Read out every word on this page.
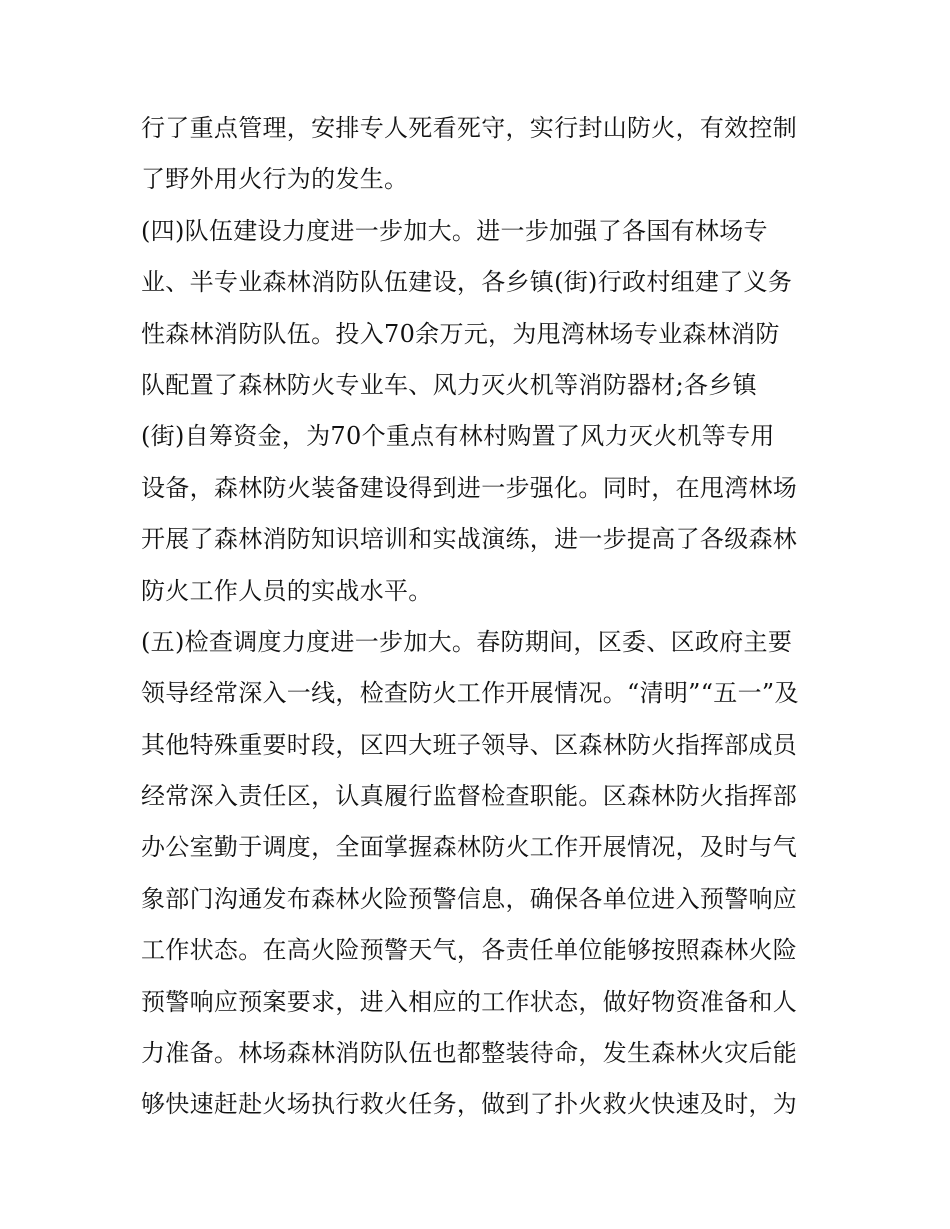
行了重点管理，安排专人死看死守，实行封山防火，有效控制
了野外用火行为的发生。
(四)队伍建设力度进一步加大。进一步加强了各国有林场专
业、半专业森林消防队伍建设，各乡镇(街)行政村组建了义务
性森林消防队伍。投入70余万元，为甩湾林场专业森林消防
队配置了森林防火专业车、风力灭火机等消防器材;各乡镇
(街)自筹资金，为70个重点有林村购置了风力灭火机等专用
设备，森林防火装备建设得到进一步强化。同时，在甩湾林场
开展了森林消防知识培训和实战演练，进一步提高了各级森林
防火工作人员的实战水平。
(五)检查调度力度进一步加大。春防期间，区委、区政府主要
领导经常深入一线，检查防火工作开展情况。“清明”“五一”及
其他特殊重要时段，区四大班子领导、区森林防火指挥部成员
经常深入责任区，认真履行监督检查职能。区森林防火指挥部
办公室勤于调度，全面掌握森林防火工作开展情况，及时与气
象部门沟通发布森林火险预警信息，确保各单位进入预警响应
工作状态。在高火险预警天气，各责任单位能够按照森林火险
预警响应预案要求，进入相应的工作状态，做好物资准备和人
力准备。林场森林消防队伍也都整装待命，发生森林火灾后能
够快速赶赴火场执行救火任务，做到了扑火救火快速及时，为
